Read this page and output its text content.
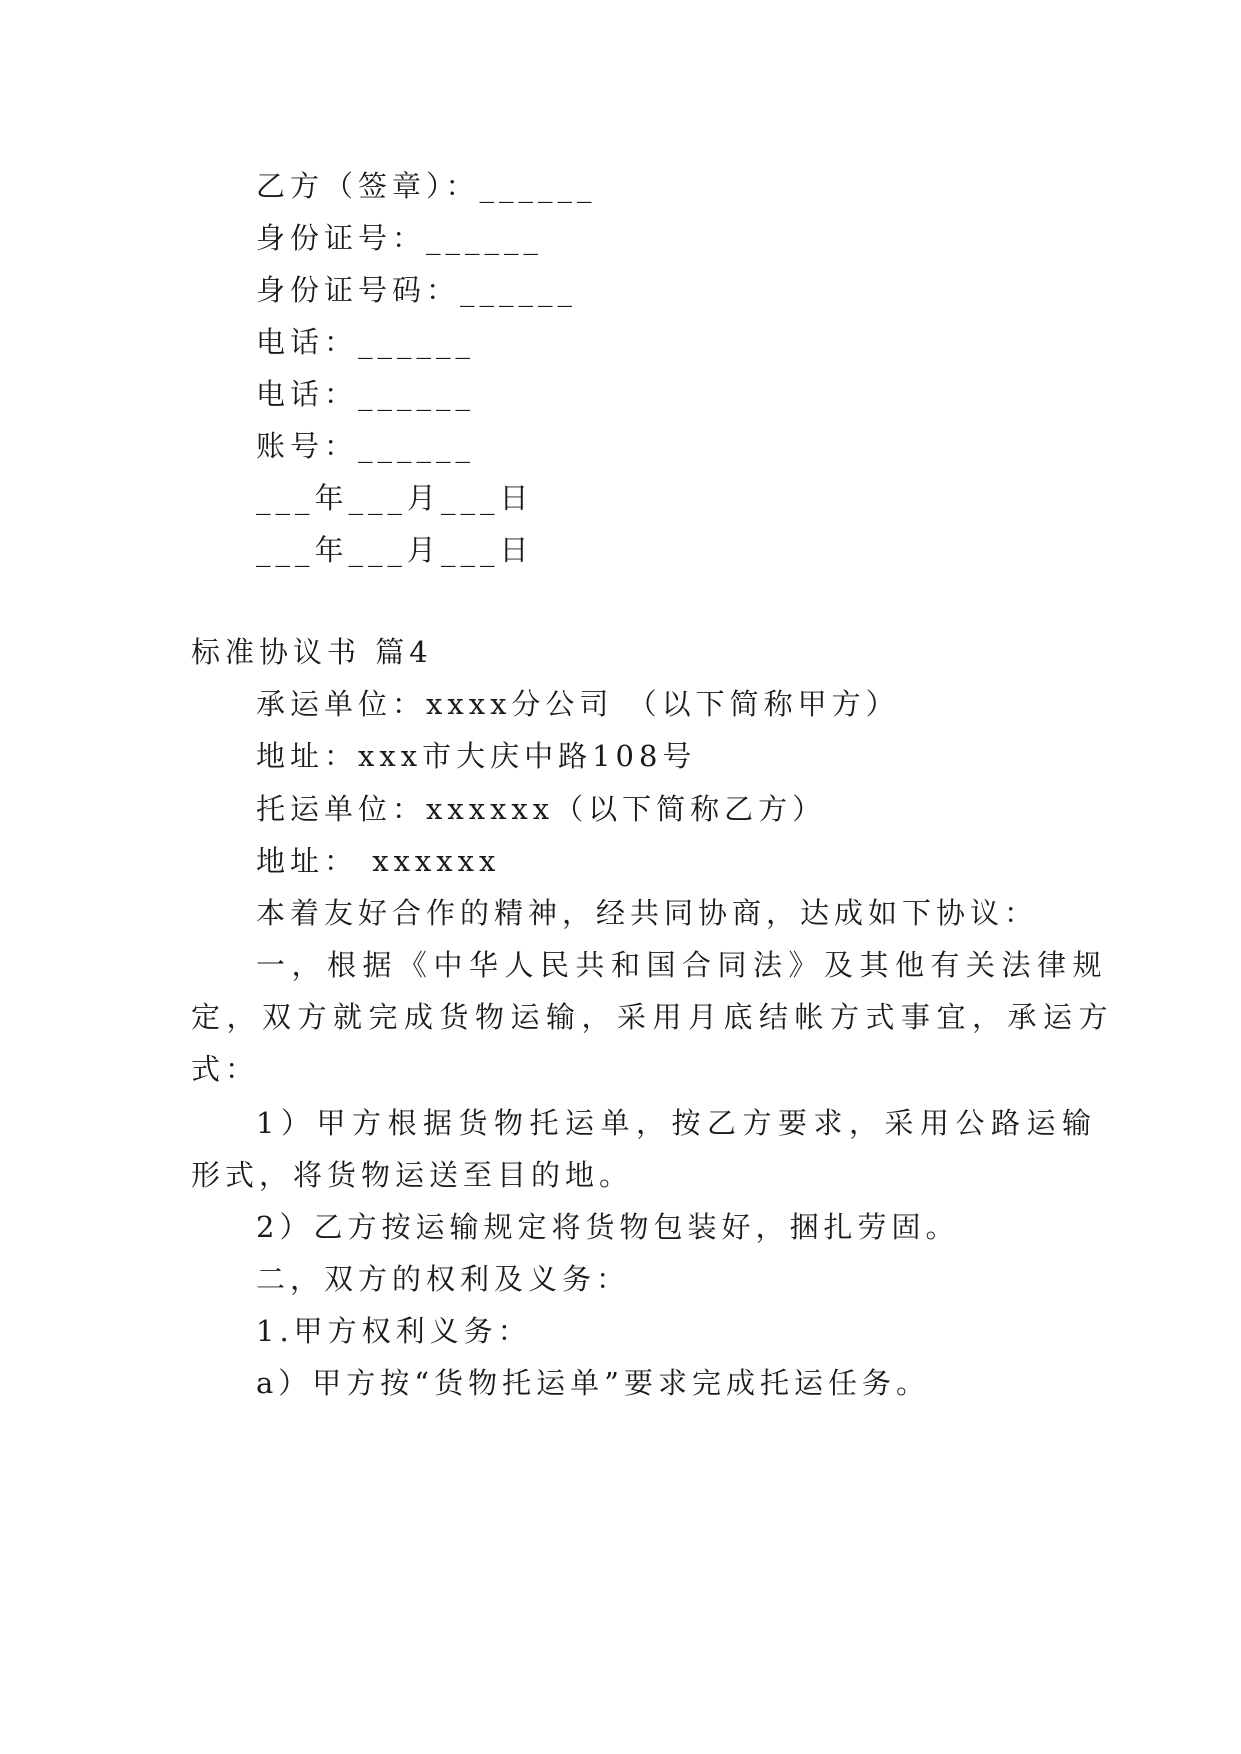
乙方（签章）：______
身份证号：______
身份证号码：______
电话：______
电话：______
账号：______
___年___月___日
___年___月___日
标准协议书 篇4
承运单位：xxxx分公司 （以下简称甲方）
地址：xxx市大庆中路108号
托运单位：xxxxxx（以下简称乙方）
地址： xxxxxx
本着友好合作的精神，经共同协商，达成如下协议：
一，根据《中华人民共和国合同法》及其他有关法律规
定，双方就完成货物运输，采用月底结帐方式事宜，承运方
式：
1）甲方根据货物托运单，按乙方要求，采用公路运输
形式，将货物运送至目的地。
2）乙方按运输规定将货物包装好，捆扎劳固。
二，双方的权利及义务：
1.甲方权利义务：
a）甲方按“货物托运单”要求完成托运任务。
